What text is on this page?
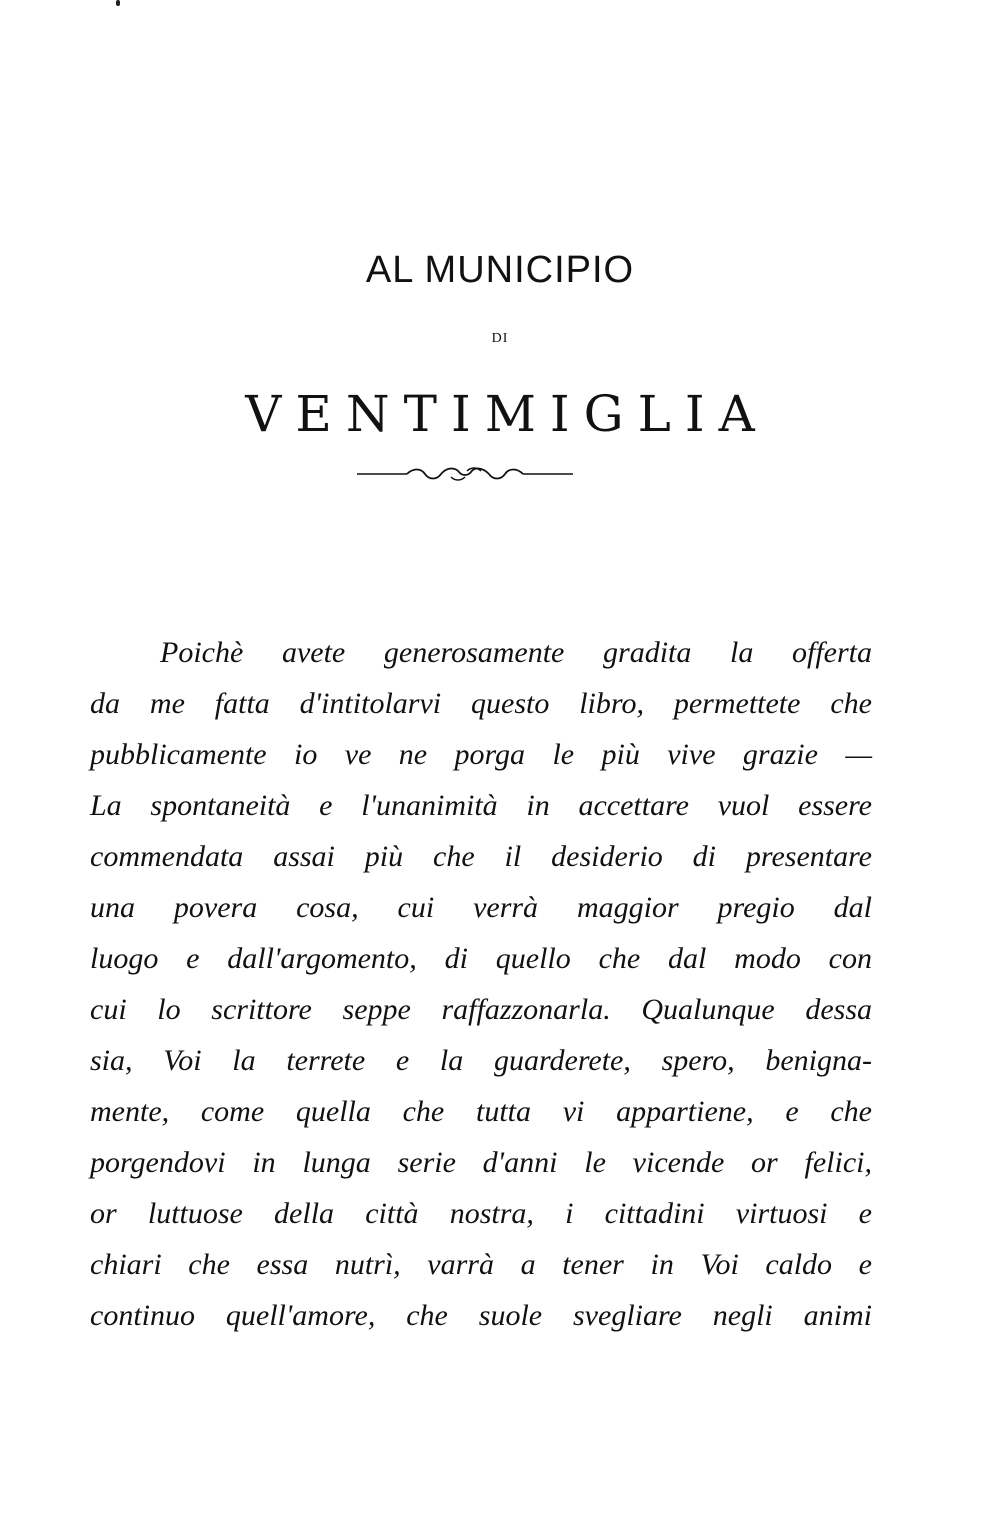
AL MUNICIPIO
DI
VENTIMIGLIA
Poichè avete generosamente gradita la offerta
da me fatta d'intitolarvi questo libro, permettete che
pubblicamente io ve ne porga le più vive grazie —
La spontaneità e l'unanimità in accettare vuol essere
commendata assai più che il desiderio di presentare
una povera cosa, cui verrà maggior pregio dal
luogo e dall'argomento, di quello che dal modo con
cui lo scrittore seppe raffazzonarla. Qualunque dessa
sia, Voi la terrete e la guarderete, spero, benigna-
mente, come quella che tutta vi appartiene, e che
porgendovi in lunga serie d'anni le vicende or felici,
or luttuose della città nostra, i cittadini virtuosi e
chiari che essa nutrì, varrà a tener in Voi caldo e
continuo quell'amore, che suole svegliare negli animi
